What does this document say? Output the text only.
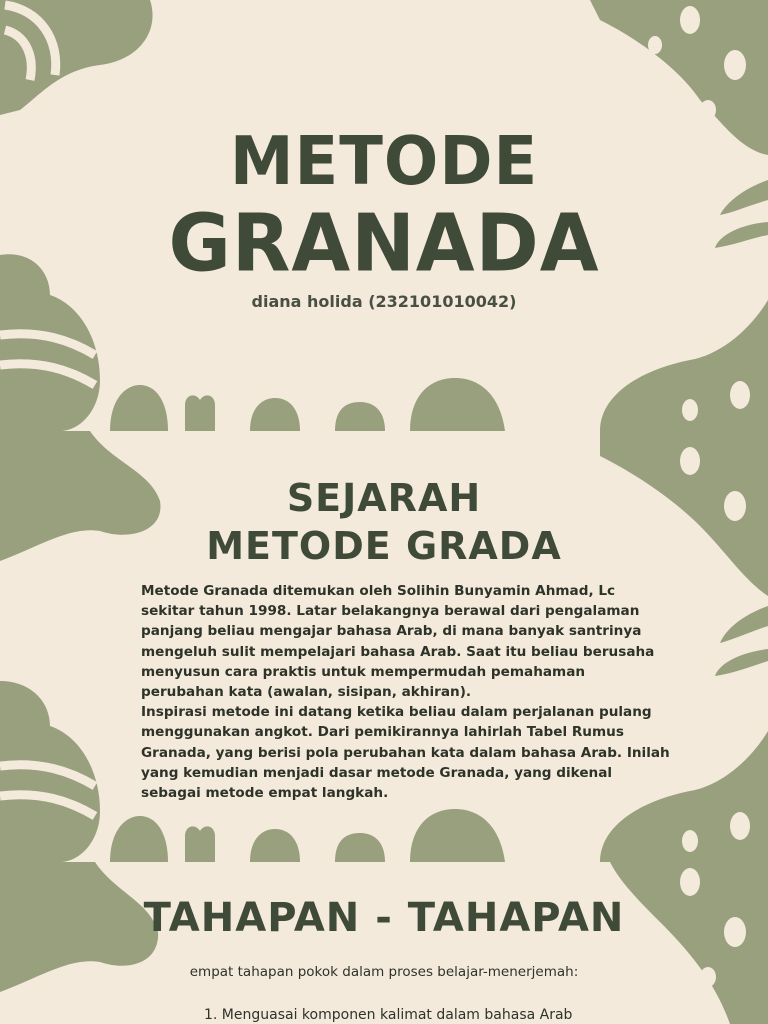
METODE
GRANADA
diana holida (232101010042)
SEJARAH
METODE GRADA

Metode Granada ditemukan oleh Solihin Bunyamin Ahmad, Lc sekitar tahun 1998. Latar belakangnya berawal dari pengalaman panjang beliau mengajar bahasa Arab, di mana banyak santrinya mengeluh sulit mempelajari bahasa Arab. Saat itu beliau berusaha menyusun cara praktis untuk mempermudah pemahaman perubahan kata (awalan, sisipan, akhiran).

Inspirasi metode ini datang ketika beliau dalam perjalanan pulang menggunakan angkot. Dari pemikirannya lahirlah Tabel Rumus Granada, yang berisi pola perubahan kata dalam bahasa Arab. Inilah yang kemudian menjadi dasar metode Granada, yang dikenal sebagai metode empat langkah.

TAHAPAN - TAHAPAN
empat tahapan pokok dalam proses belajar-menerjemah:
1. Menguasai komponen kalimat dalam bahasa Arab
